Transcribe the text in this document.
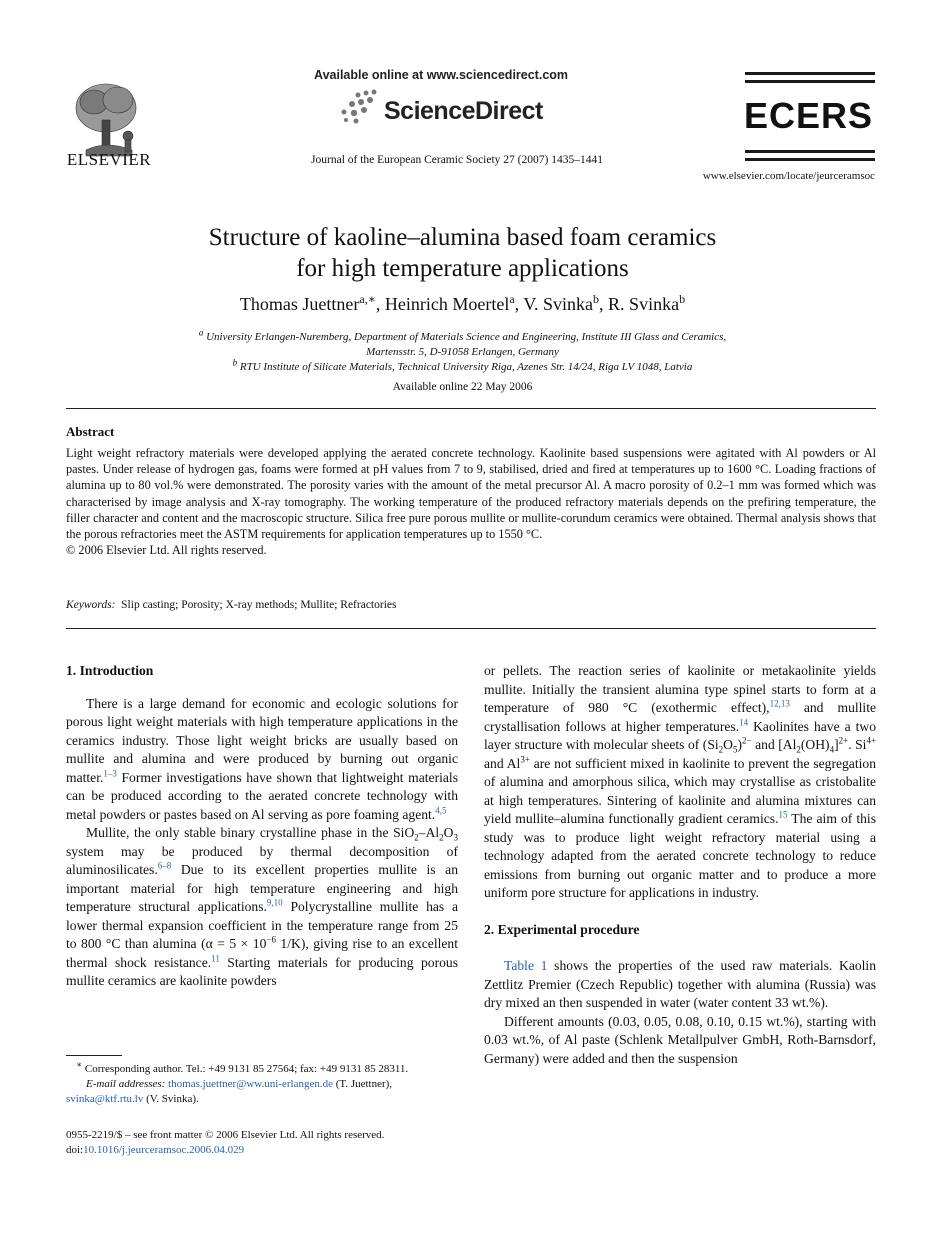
ELSEVIER
Available online at www.sciencedirect.com
ScienceDirect
Journal of the European Ceramic Society 27 (2007) 1435–1441
ECERS
www.elsevier.com/locate/jeurceramsoc
Structure of kaoline–alumina based foam ceramics
for high temperature applications
Thomas Juettner$^{a,∗}$, Heinrich Moertel$^a$, V. Svinka$^b$, R. Svinka$^b$
$^a$ University Erlangen-Nuremberg, Department of Materials Science and Engineering, Institute III Glass and Ceramics,
Martensstr. 5, D-91058 Erlangen, Germany
$^b$ RTU Institute of Silicate Materials, Technical University Riga, Azenes Str. 14/24, Riga LV 1048, Latvia
Available online 22 May 2006
Abstract
Light weight refractory materials were developed applying the aerated concrete technology. Kaolinite based suspensions were agitated with Al powders or Al pastes. Under release of hydrogen gas, foams were formed at pH values from 7 to 9, stabilised, dried and fired at temperatures up to 1600 °C. Loading fractions of alumina up to 80 vol.% were demonstrated. The porosity varies with the amount of the metal precursor Al. A macro porosity of 0.2–1 mm was formed which was characterised by image analysis and X-ray tomography. The working temperature of the produced refractory materials depends on the prefiring temperature, the filler character and content and the macroscopic structure. Silica free pure porous mullite or mullite-corundum ceramics were obtained. Thermal analysis shows that the porous refractories meet the ASTM requirements for application temperatures up to 1550 °C.
© 2006 Elsevier Ltd. All rights reserved.
Keywords: Slip casting; Porosity; X-ray methods; Mullite; Refractories

1. Introduction

There is a large demand for economic and ecologic solutions for porous light weight materials with high temperature applications in the ceramics industry. Those light weight bricks are usually based on mullite and alumina and were produced by burning out organic matter.$^{1-3}$ Former investigations have shown that lightweight materials can be produced according to the aerated concrete technology with metal powders or pastes based on Al serving as pore foaming agent.$^{4,5}$

Mullite, the only stable binary crystalline phase in the $SiO_2-Al_2O_3$ system may be produced by thermal decomposition of aluminosilicates.$^{6-8}$ Due to its excellent properties mullite is an important material for high temperature engineering and high temperature structural applications.$^{9,10}$ Polycrystalline mullite has a lower thermal expansion coefficient in the temperature range from 25 to 800 °C than alumina ($\alpha = 5 \times 10^{-6}$ 1/K), giving rise to an excellent thermal shock resistance.$^{11}$ Starting materials for producing porous mullite ceramics are kaolinite powders

∗ Corresponding author. Tel.: +49 9131 85 27564; fax: +49 9131 85 28311.
E-mail addresses: thomas.juettner@ww.uni-erlangen.de (T. Juettner),
svinka@ktf.rtu.lv (V. Svinka).
0955-2219/$ – see front matter © 2006 Elsevier Ltd. All rights reserved.
doi:10.1016/j.jeurceramsoc.2006.04.029

or pellets. The reaction series of kaolinite or metakaolinite yields mullite. Initially the transient alumina type spinel starts to form at a temperature of 980 °C (exothermic effect),$^{12,13}$ and mullite crystallisation follows at higher temperatures.$^{14}$ Kaolinites have a two layer structure with molecular sheets of $(Si_2O_5)^{2-}$ and $[Al_2(OH)_4]^{2+}$. $Si^{4+}$ and $Al^{3+}$ are not sufficient mixed in kaolinite to prevent the segregation of alumina and amorphous silica, which may crystallise as cristobalite at high temperatures. Sintering of kaolinite and alumina mixtures can yield mullite–alumina functionally gradient ceramics.$^{15}$ The aim of this study was to produce light weight refractory material using a technology adapted from the aerated concrete technology to reduce emissions from burning out organic matter and to produce a more uniform pore structure for applications in industry.

2. Experimental procedure

Table 1 shows the properties of the used raw materials. Kaolin Zettlitz Premier (Czech Republic) together with alumina (Russia) was dry mixed an then suspended in water (water content 33 wt.%).

Different amounts (0.03, 0.05, 0.08, 0.10, 0.15 wt.%), starting with 0.03 wt.%, of Al paste (Schlenk Metallpulver GmbH, Roth-Barnsdorf, Germany) were added and then the suspension
